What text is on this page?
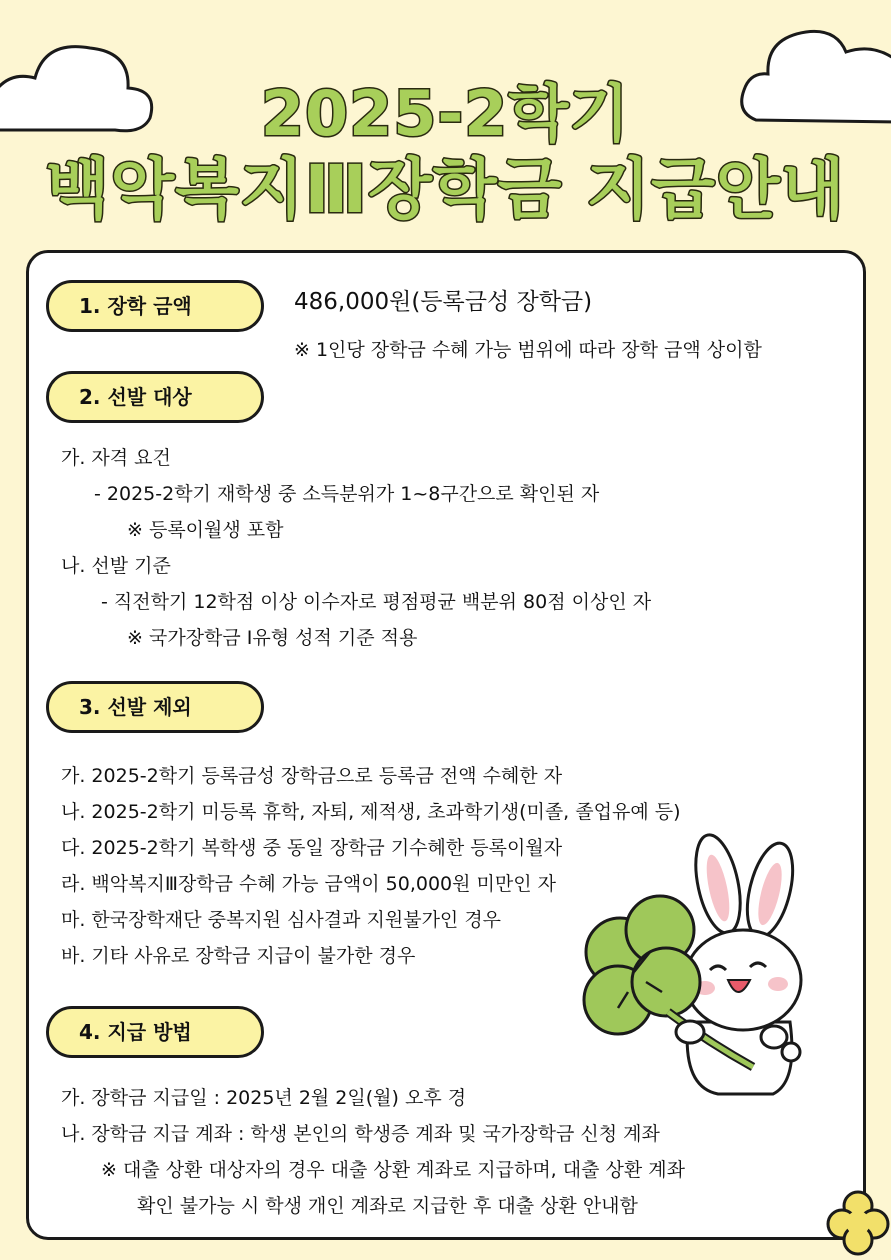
2025-2학기
백악복지Ⅲ장학금 지급안내
1. 장학 금액	486,000원(등록금성 장학금)
※ 1인당 장학금 수혜 가능 범위에 따라 장학 금액 상이함
2. 선발 대상
가. 자격 요건
- 2025-2학기 재학생 중 소득분위가 1~8구간으로 확인된 자
※ 등록이월생 포함
나. 선발 기준
- 직전학기 12학점 이상 이수자로 평점평균 백분위 80점 이상인 자
※ 국가장학금 Ⅰ유형 성적 기준 적용
3. 선발 제외
가. 2025-2학기 등록금성 장학금으로 등록금 전액 수혜한 자
나. 2025-2학기 미등록 휴학, 자퇴, 제적생, 초과학기생(미졸, 졸업유예 등)
다. 2025-2학기 복학생 중 동일 장학금 기수혜한 등록이월자
라. 백악복지Ⅲ장학금 수혜 가능 금액이 50,000원 미만인 자
마. 한국장학재단 중복지원 심사결과 지원불가인 경우
바. 기타 사유로 장학금 지급이 불가한 경우
4. 지급 방법
가. 장학금 지급일 : 2025년 2월 2일(월) 오후 경
나. 장학금 지급 계좌 : 학생 본인의 학생증 계좌 및 국가장학금 신청 계좌
※ 대출 상환 대상자의 경우 대출 상환 계좌로 지급하며, 대출 상환 계좌
확인 불가능 시 학생 개인 계좌로 지급한 후 대출 상환 안내함
